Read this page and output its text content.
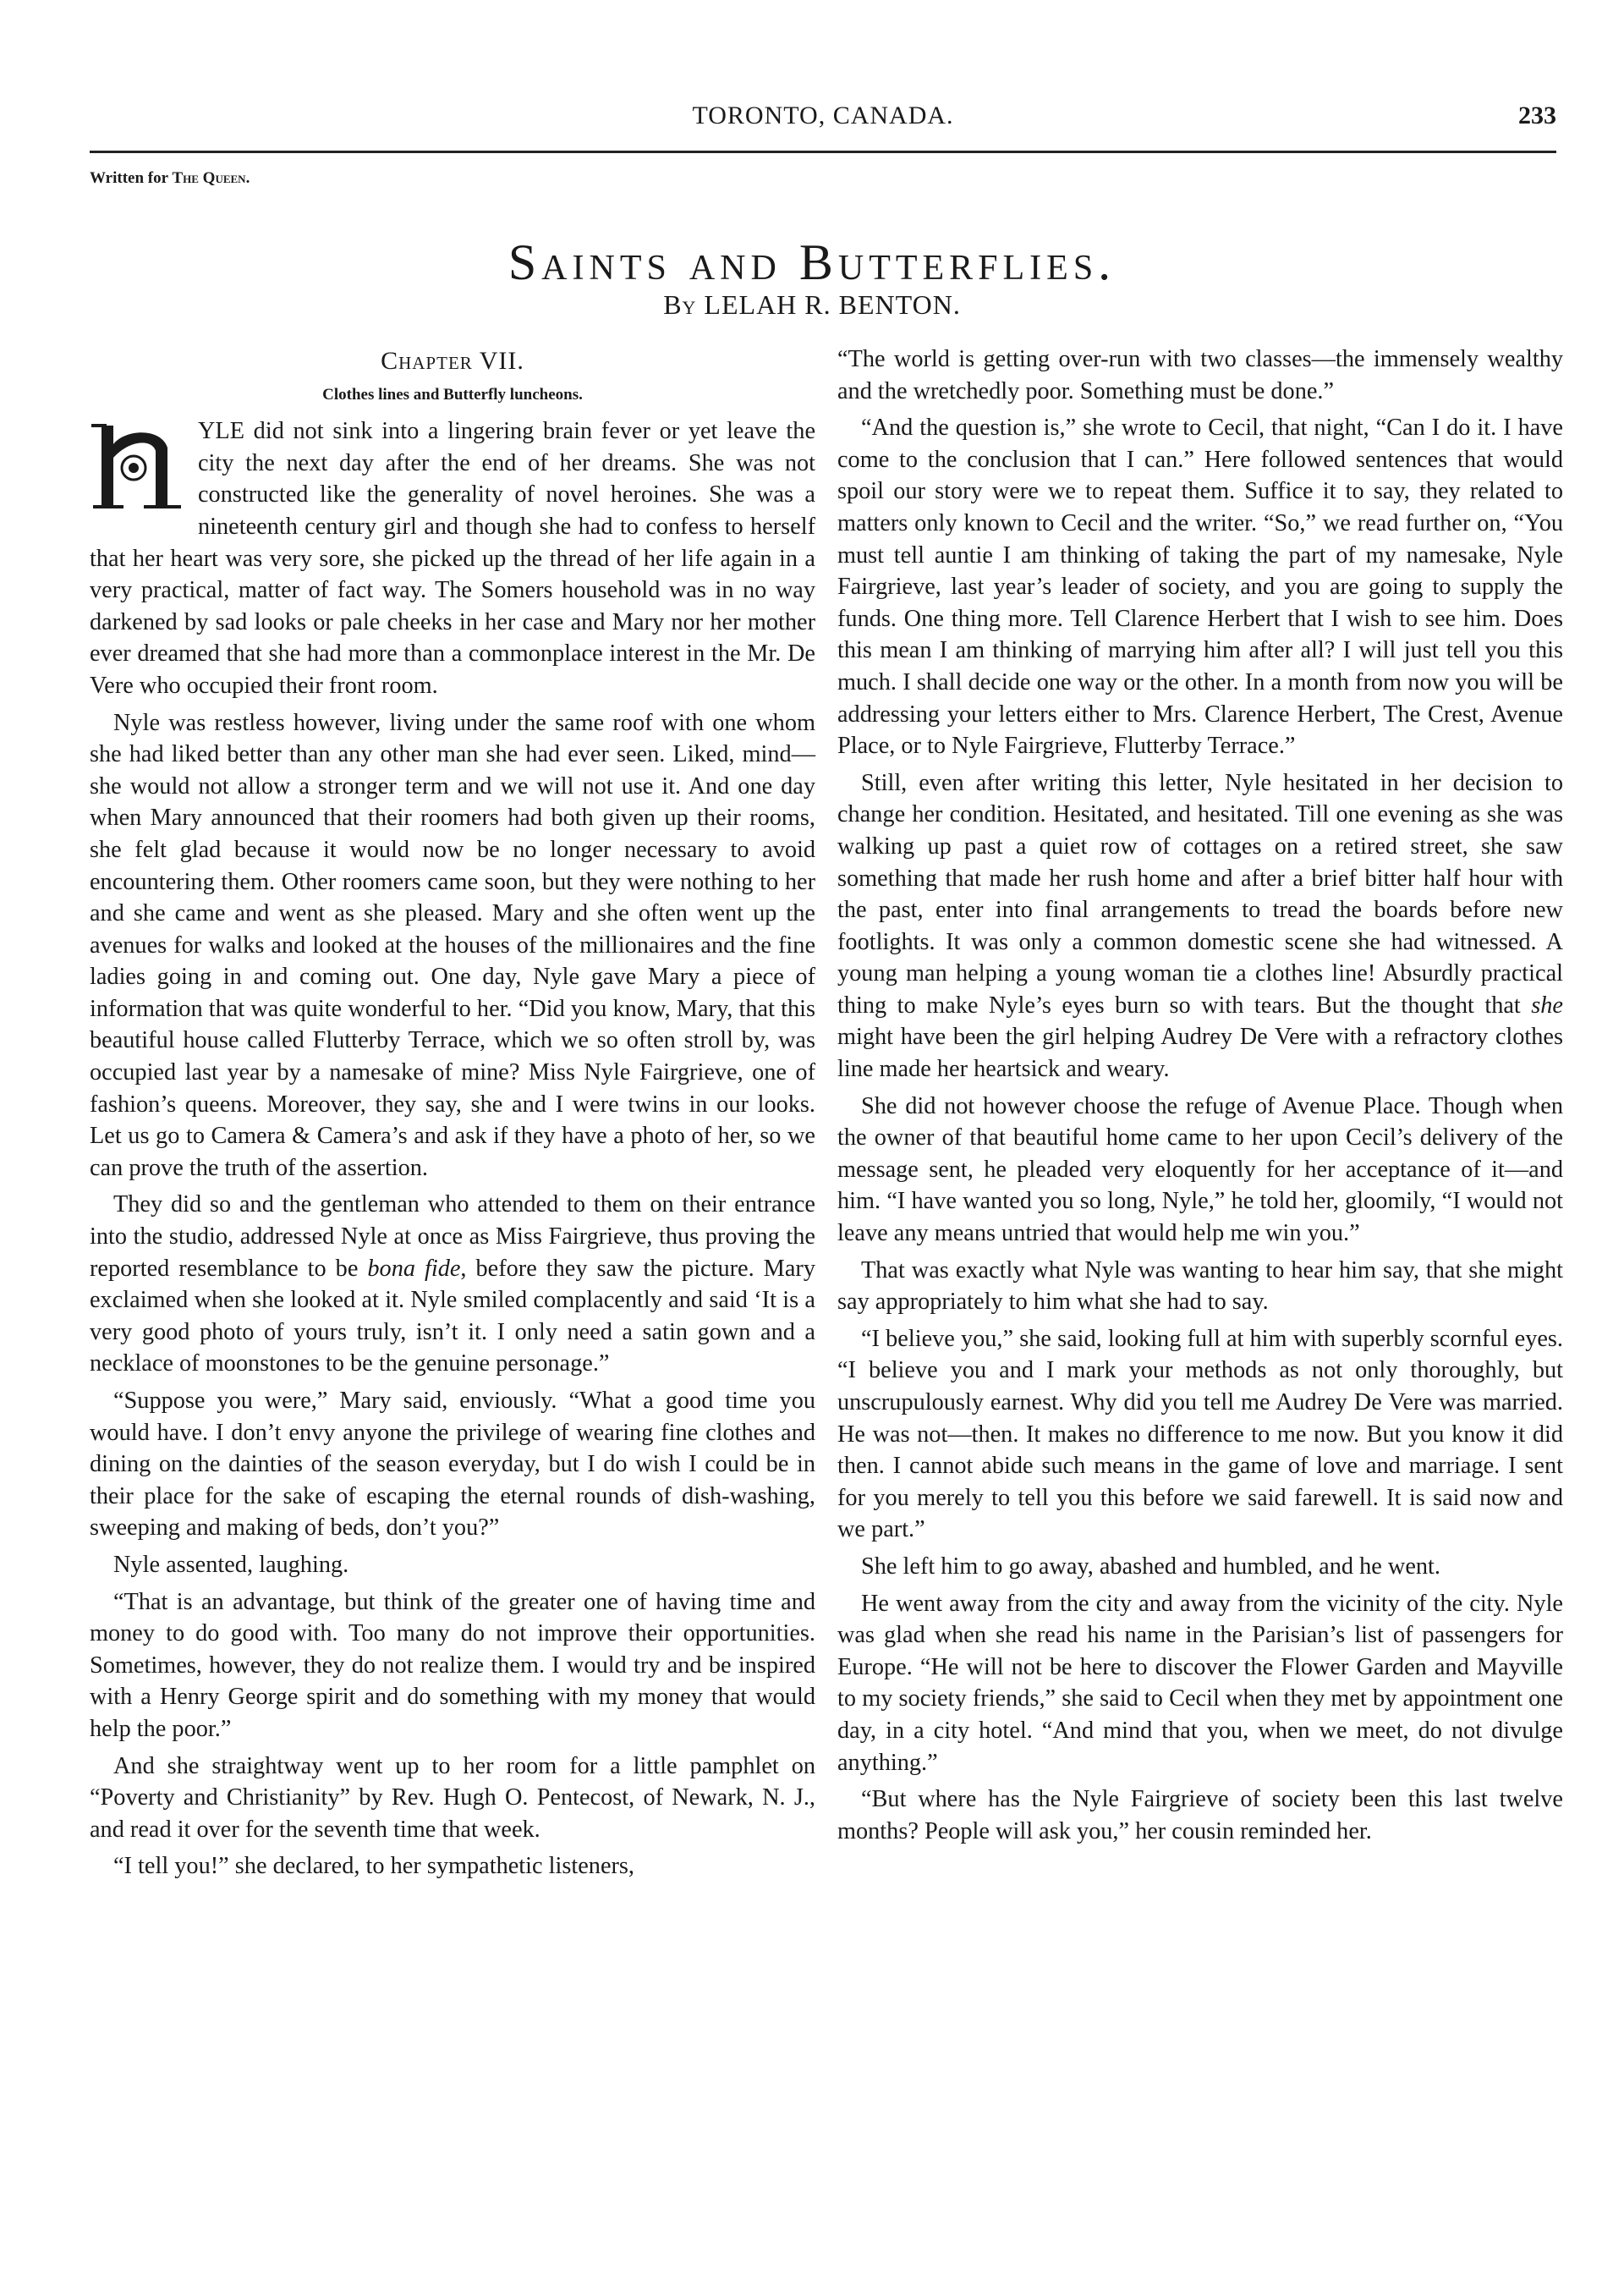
TORONTO, CANADA.	233
Written for The Queen.
Saints and Butterflies.
By LELAH R. BENTON.
Chapter VII.
Clothes lines and Butterfly luncheons.

YLE did not sink into a lingering brain fever or yet leave the city the next day after the end of her dreams. She was not constructed like the generality of novel heroines. She was a nineteenth century girl and though she had to confess to herself that her heart was very sore, she picked up the thread of her life again in a very practical, matter of fact way. The Somers household was in no way darkened by sad looks or pale cheeks in her case and Mary nor her mother ever dreamed that she had more than a commonplace interest in the Mr. De Vere who occupied their front room.

Nyle was restless however, living under the same roof with one whom she had liked better than any other man she had ever seen. Liked, mind—she would not allow a stronger term and we will not use it. And one day when Mary announced that their roomers had both given up their rooms, she felt glad because it would now be no longer necessary to avoid encountering them. Other roomers came soon, but they were nothing to her and she came and went as she pleased. Mary and she often went up the avenues for walks and looked at the houses of the millionaires and the fine ladies going in and coming out. One day, Nyle gave Mary a piece of information that was quite wonderful to her. “Did you know, Mary, that this beautiful house called Flutterby Terrace, which we so often stroll by, was occupied last year by a namesake of mine? Miss Nyle Fairgrieve, one of fashion’s queens. Moreover, they say, she and I were twins in our looks. Let us go to Camera & Camera’s and ask if they have a photo of her, so we can prove the truth of the assertion.

They did so and the gentleman who attended to them on their entrance into the studio, addressed Nyle at once as Miss Fairgrieve, thus proving the reported resemblance to be bona fide, before they saw the picture. Mary exclaimed when she looked at it. Nyle smiled complacently and said ‘It is a very good photo of yours truly, isn’t it. I only need a satin gown and a necklace of moonstones to be the genuine personage.”

“Suppose you were,” Mary said, enviously. “What a good time you would have. I don’t envy anyone the privilege of wearing fine clothes and dining on the dainties of the season everyday, but I do wish I could be in their place for the sake of escaping the eternal rounds of dish-washing, sweeping and making of beds, don’t you?”

Nyle assented, laughing.

“That is an advantage, but think of the greater one of having time and money to do good with. Too many do not improve their opportunities. Sometimes, however, they do not realize them. I would try and be inspired with a Henry George spirit and do something with my money that would help the poor.”

And she straightway went up to her room for a little pamphlet on “Poverty and Christianity” by Rev. Hugh O. Pentecost, of Newark, N. J., and read it over for the seventh time that week.

“I tell you!” she declared, to her sympathetic listeners,

“The world is getting over-run with two classes—the immensely wealthy and the wretchedly poor. Something must be done.”

“And the question is,” she wrote to Cecil, that night, “Can I do it. I have come to the conclusion that I can.” Here followed sentences that would spoil our story were we to repeat them. Suffice it to say, they related to matters only known to Cecil and the writer. “So,” we read further on, “You must tell auntie I am thinking of taking the part of my namesake, Nyle Fairgrieve, last year’s leader of society, and you are going to supply the funds. One thing more. Tell Clarence Herbert that I wish to see him. Does this mean I am thinking of marrying him after all? I will just tell you this much. I shall decide one way or the other. In a month from now you will be addressing your letters either to Mrs. Clarence Herbert, The Crest, Avenue Place, or to Nyle Fairgrieve, Flutterby Terrace.”

Still, even after writing this letter, Nyle hesitated in her decision to change her condition. Hesitated, and hesitated. Till one evening as she was walking up past a quiet row of cottages on a retired street, she saw something that made her rush home and after a brief bitter half hour with the past, enter into final arrangements to tread the boards before new footlights. It was only a common domestic scene she had witnessed. A young man helping a young woman tie a clothes line! Absurdly practical thing to make Nyle’s eyes burn so with tears. But the thought that she might have been the girl helping Audrey De Vere with a refractory clothes line made her heartsick and weary.

She did not however choose the refuge of Avenue Place. Though when the owner of that beautiful home came to her upon Cecil’s delivery of the message sent, he pleaded very eloquently for her acceptance of it—and him. “I have wanted you so long, Nyle,” he told her, gloomily, “I would not leave any means untried that would help me win you.”

That was exactly what Nyle was wanting to hear him say, that she might say appropriately to him what she had to say.

“I believe you,” she said, looking full at him with superbly scornful eyes. “I believe you and I mark your methods as not only thoroughly, but unscrupulously earnest. Why did you tell me Audrey De Vere was married. He was not—then. It makes no difference to me now. But you know it did then. I cannot abide such means in the game of love and marriage. I sent for you merely to tell you this before we said farewell. It is said now and we part.”

She left him to go away, abashed and humbled, and he went.

He went away from the city and away from the vicinity of the city. Nyle was glad when she read his name in the Parisian’s list of passengers for Europe. “He will not be here to discover the Flower Garden and Mayville to my society friends,” she said to Cecil when they met by appointment one day, in a city hotel. “And mind that you, when we meet, do not divulge anything.”

“But where has the Nyle Fairgrieve of society been this last twelve months? People will ask you,” her cousin reminded her.
